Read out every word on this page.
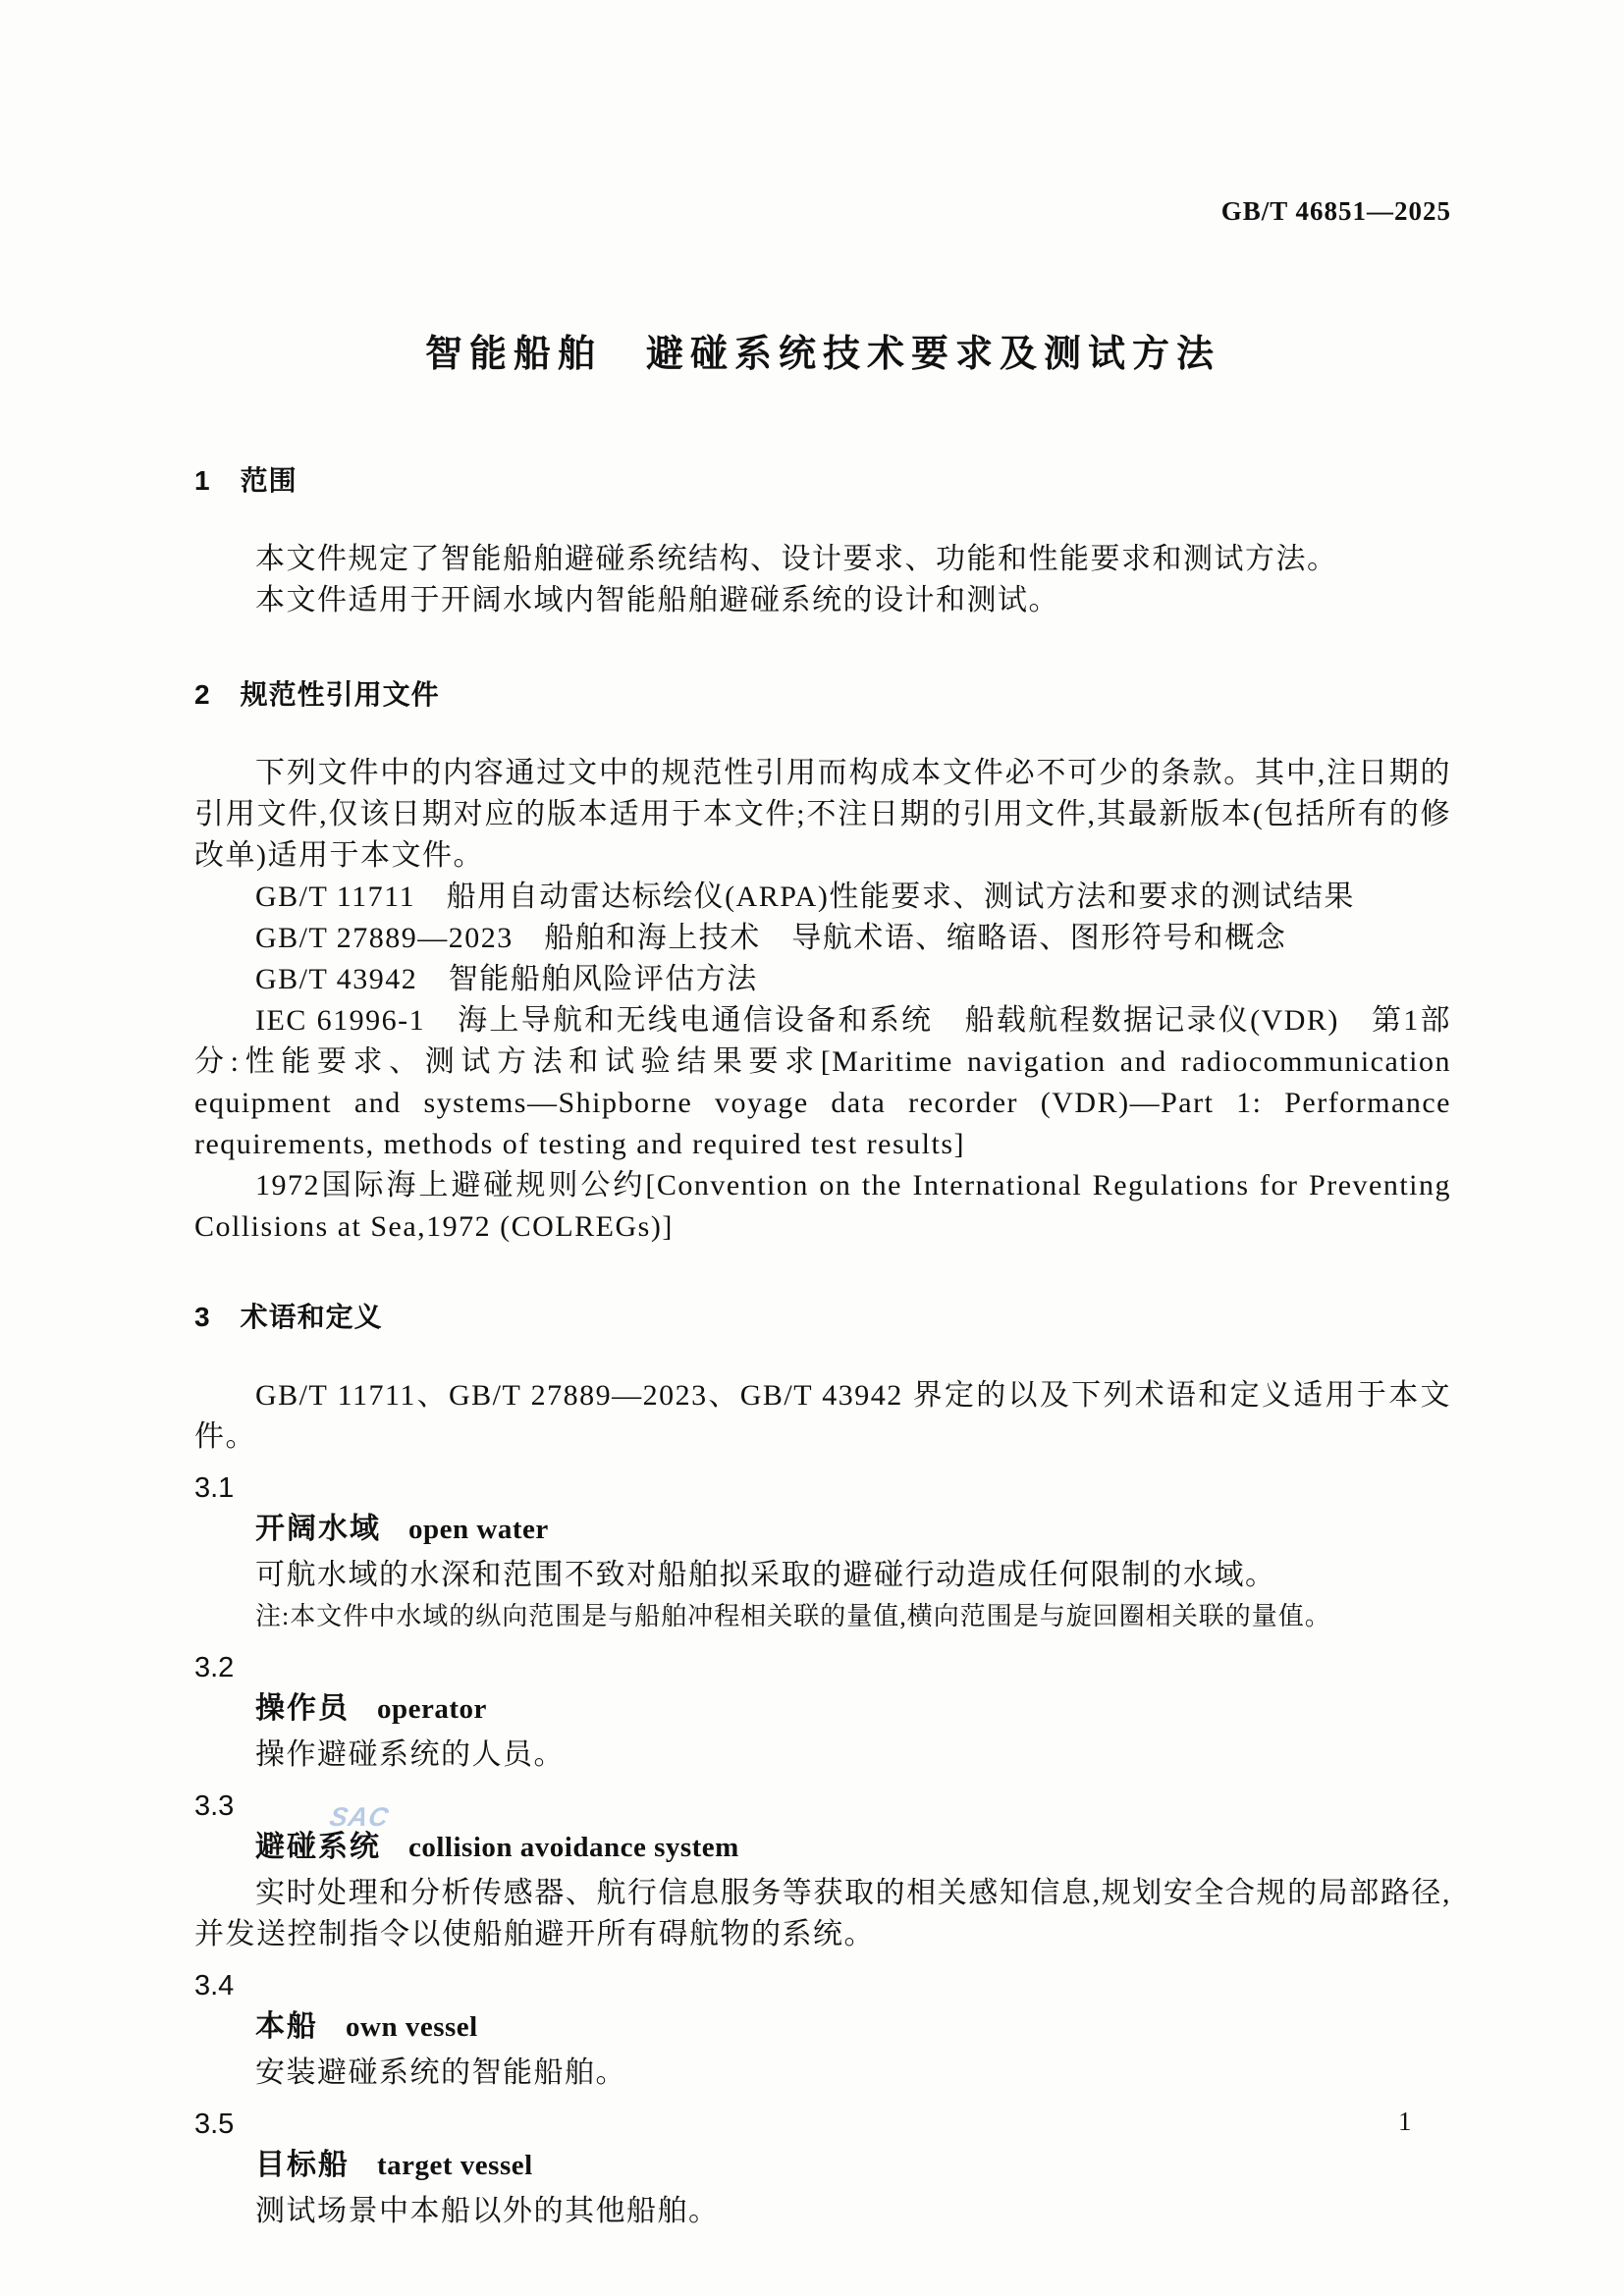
GB/T 46851—2025
智能船舶　避碰系统技术要求及测试方法
1 范围

本文件规定了智能船舶避碰系统结构、设计要求、功能和性能要求和测试方法。

本文件适用于开阔水域内智能船舶避碰系统的设计和测试。

2 规范性引用文件

下列文件中的内容通过文中的规范性引用而构成本文件必不可少的条款。其中,注日期的引用文件,仅该日期对应的版本适用于本文件;不注日期的引用文件,其最新版本(包括所有的修改单)适用于本文件。

GB/T 11711　船用自动雷达标绘仪(ARPA)性能要求、测试方法和要求的测试结果

GB/T 27889—2023　船舶和海上技术　导航术语、缩略语、图形符号和概念

GB/T 43942　智能船舶风险评估方法

IEC 61996-1　海上导航和无线电通信设备和系统　船载航程数据记录仪(VDR)　第1部分:性能要求、测试方法和试验结果要求[Maritime navigation and radiocommunication equipment and systems—Shipborne voyage data recorder (VDR)—Part 1: Performance requirements, methods of testing and required test results]

1972国际海上避碰规则公约[Convention on the International Regulations for Preventing Collisions at Sea,1972 (COLREGs)]

3 术语和定义

GB/T 11711、GB/T 27889—2023、GB/T 43942 界定的以及下列术语和定义适用于本文件。

3.1

开阔水域 open water

可航水域的水深和范围不致对船舶拟采取的避碰行动造成任何限制的水域。

注:本文件中水域的纵向范围是与船舶冲程相关联的量值,横向范围是与旋回圈相关联的量值。

3.2

操作员 operator

操作避碰系统的人员。

3.3

避碰系统 collision avoidance system

实时处理和分析传感器、航行信息服务等获取的相关感知信息,规划安全合规的局部路径,并发送控制指令以使船舶避开所有碍航物的系统。

3.4

本船 own vessel

安装避碰系统的智能船舶。

3.5

目标船 target vessel

测试场景中本船以外的其他船舶。

SAC
1
